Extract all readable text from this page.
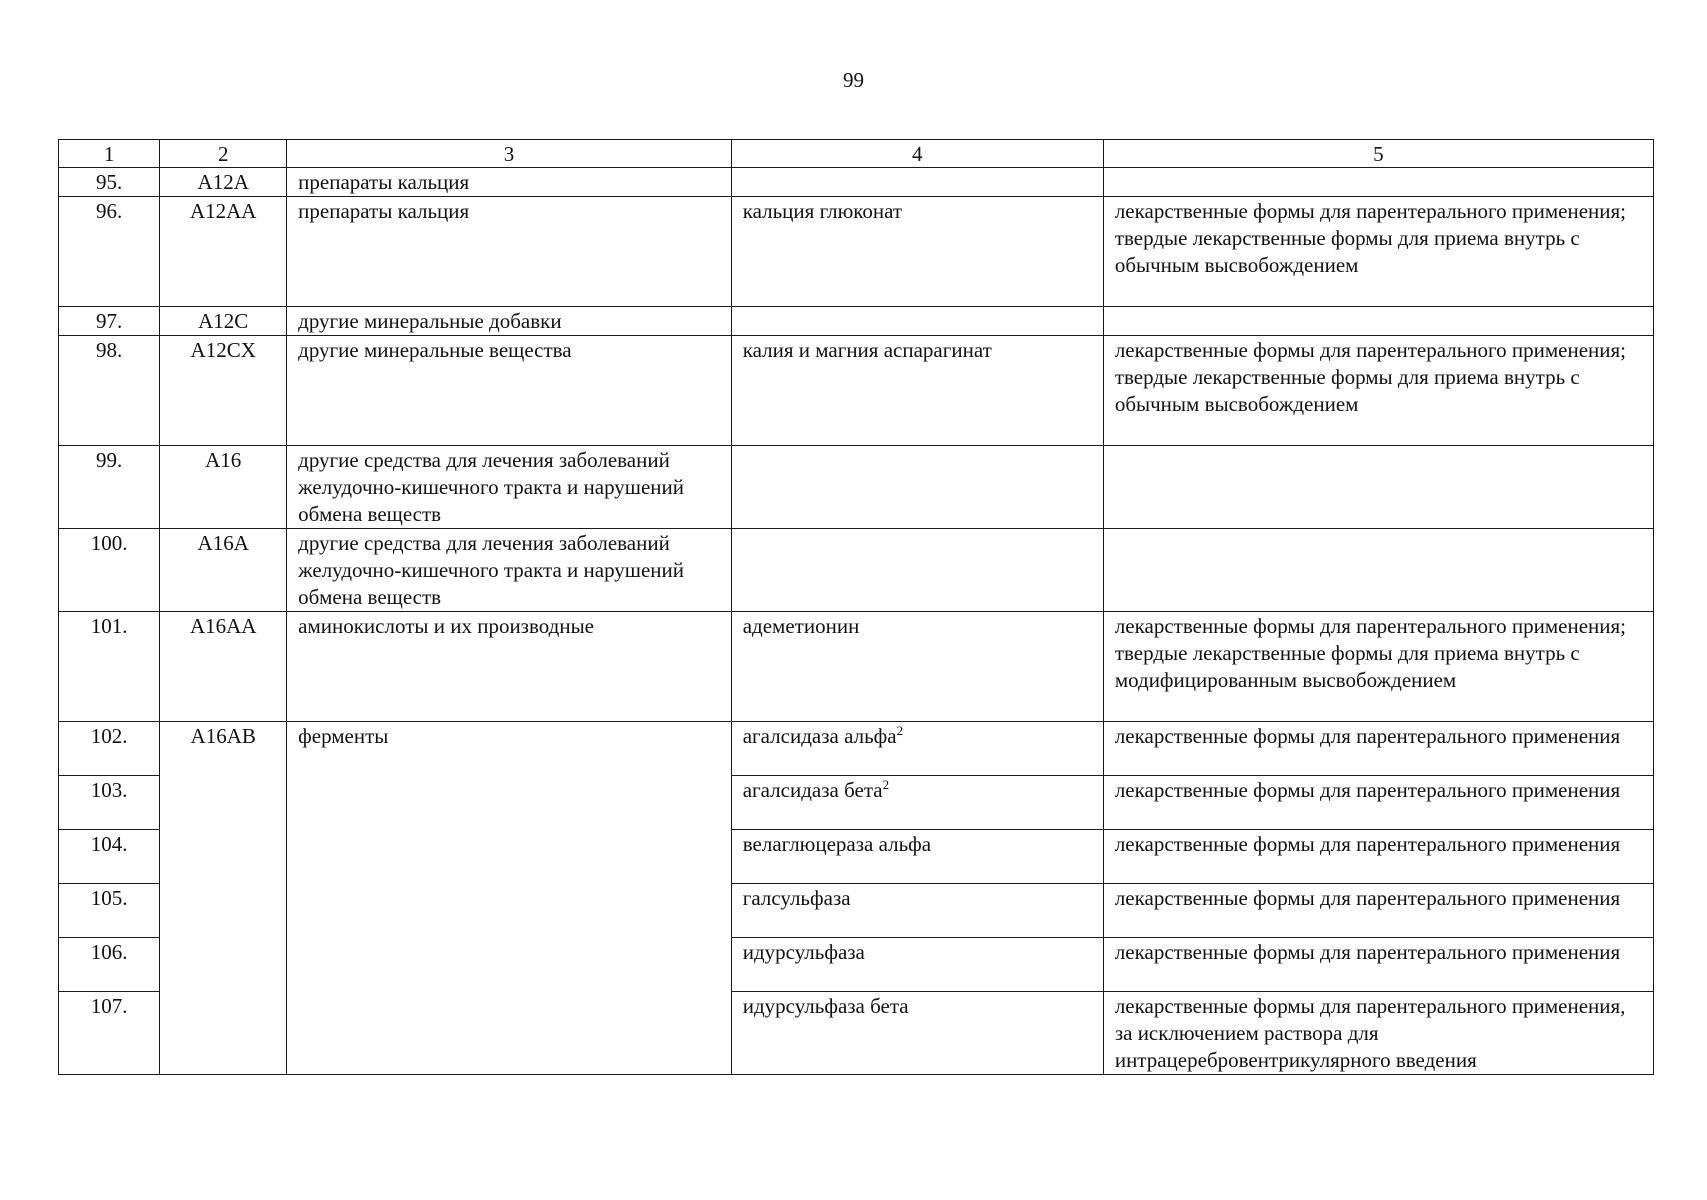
99
1	2	3	4	5
95.	A12A	препараты кальция		
96.	A12AA	препараты кальция	кальция глюконат	лекарственные формы для парентерального применения;
твердые лекарственные формы для приема внутрь с обычным высвобождением

97.	A12C	другие минеральные добавки		
98.	A12CX	другие минеральные вещества	калия и магния аспарагинат	лекарственные формы для парентерального применения;
твердые лекарственные формы для приема внутрь с обычным высвобождением

99.	A16	другие средства для лечения заболеваний желудочно-кишечного тракта и нарушений обмена веществ		
100.	A16A	другие средства для лечения заболеваний желудочно-кишечного тракта и нарушений обмена веществ		
101.	A16AA	аминокислоты и их производные	адеметионин	лекарственные формы для парентерального применения;
твердые лекарственные формы для приема внутрь с модифицированным высвобождением

102.	A16AB	ферменты	агалсидаза альфа$^2$	лекарственные формы для парентерального применения

103.			агалсидаза бета$^2$	лекарственные формы для парентерального применения

104.			велаглюцераза альфа	лекарственные формы для парентерального применения

105.			галсульфаза	лекарственные формы для парентерального применения

106.			идурсульфаза	лекарственные формы для парентерального применения

107.			идурсульфаза бета	лекарственные формы для парентерального применения, за исключением раствора для интрацеребровентрикулярного введения
